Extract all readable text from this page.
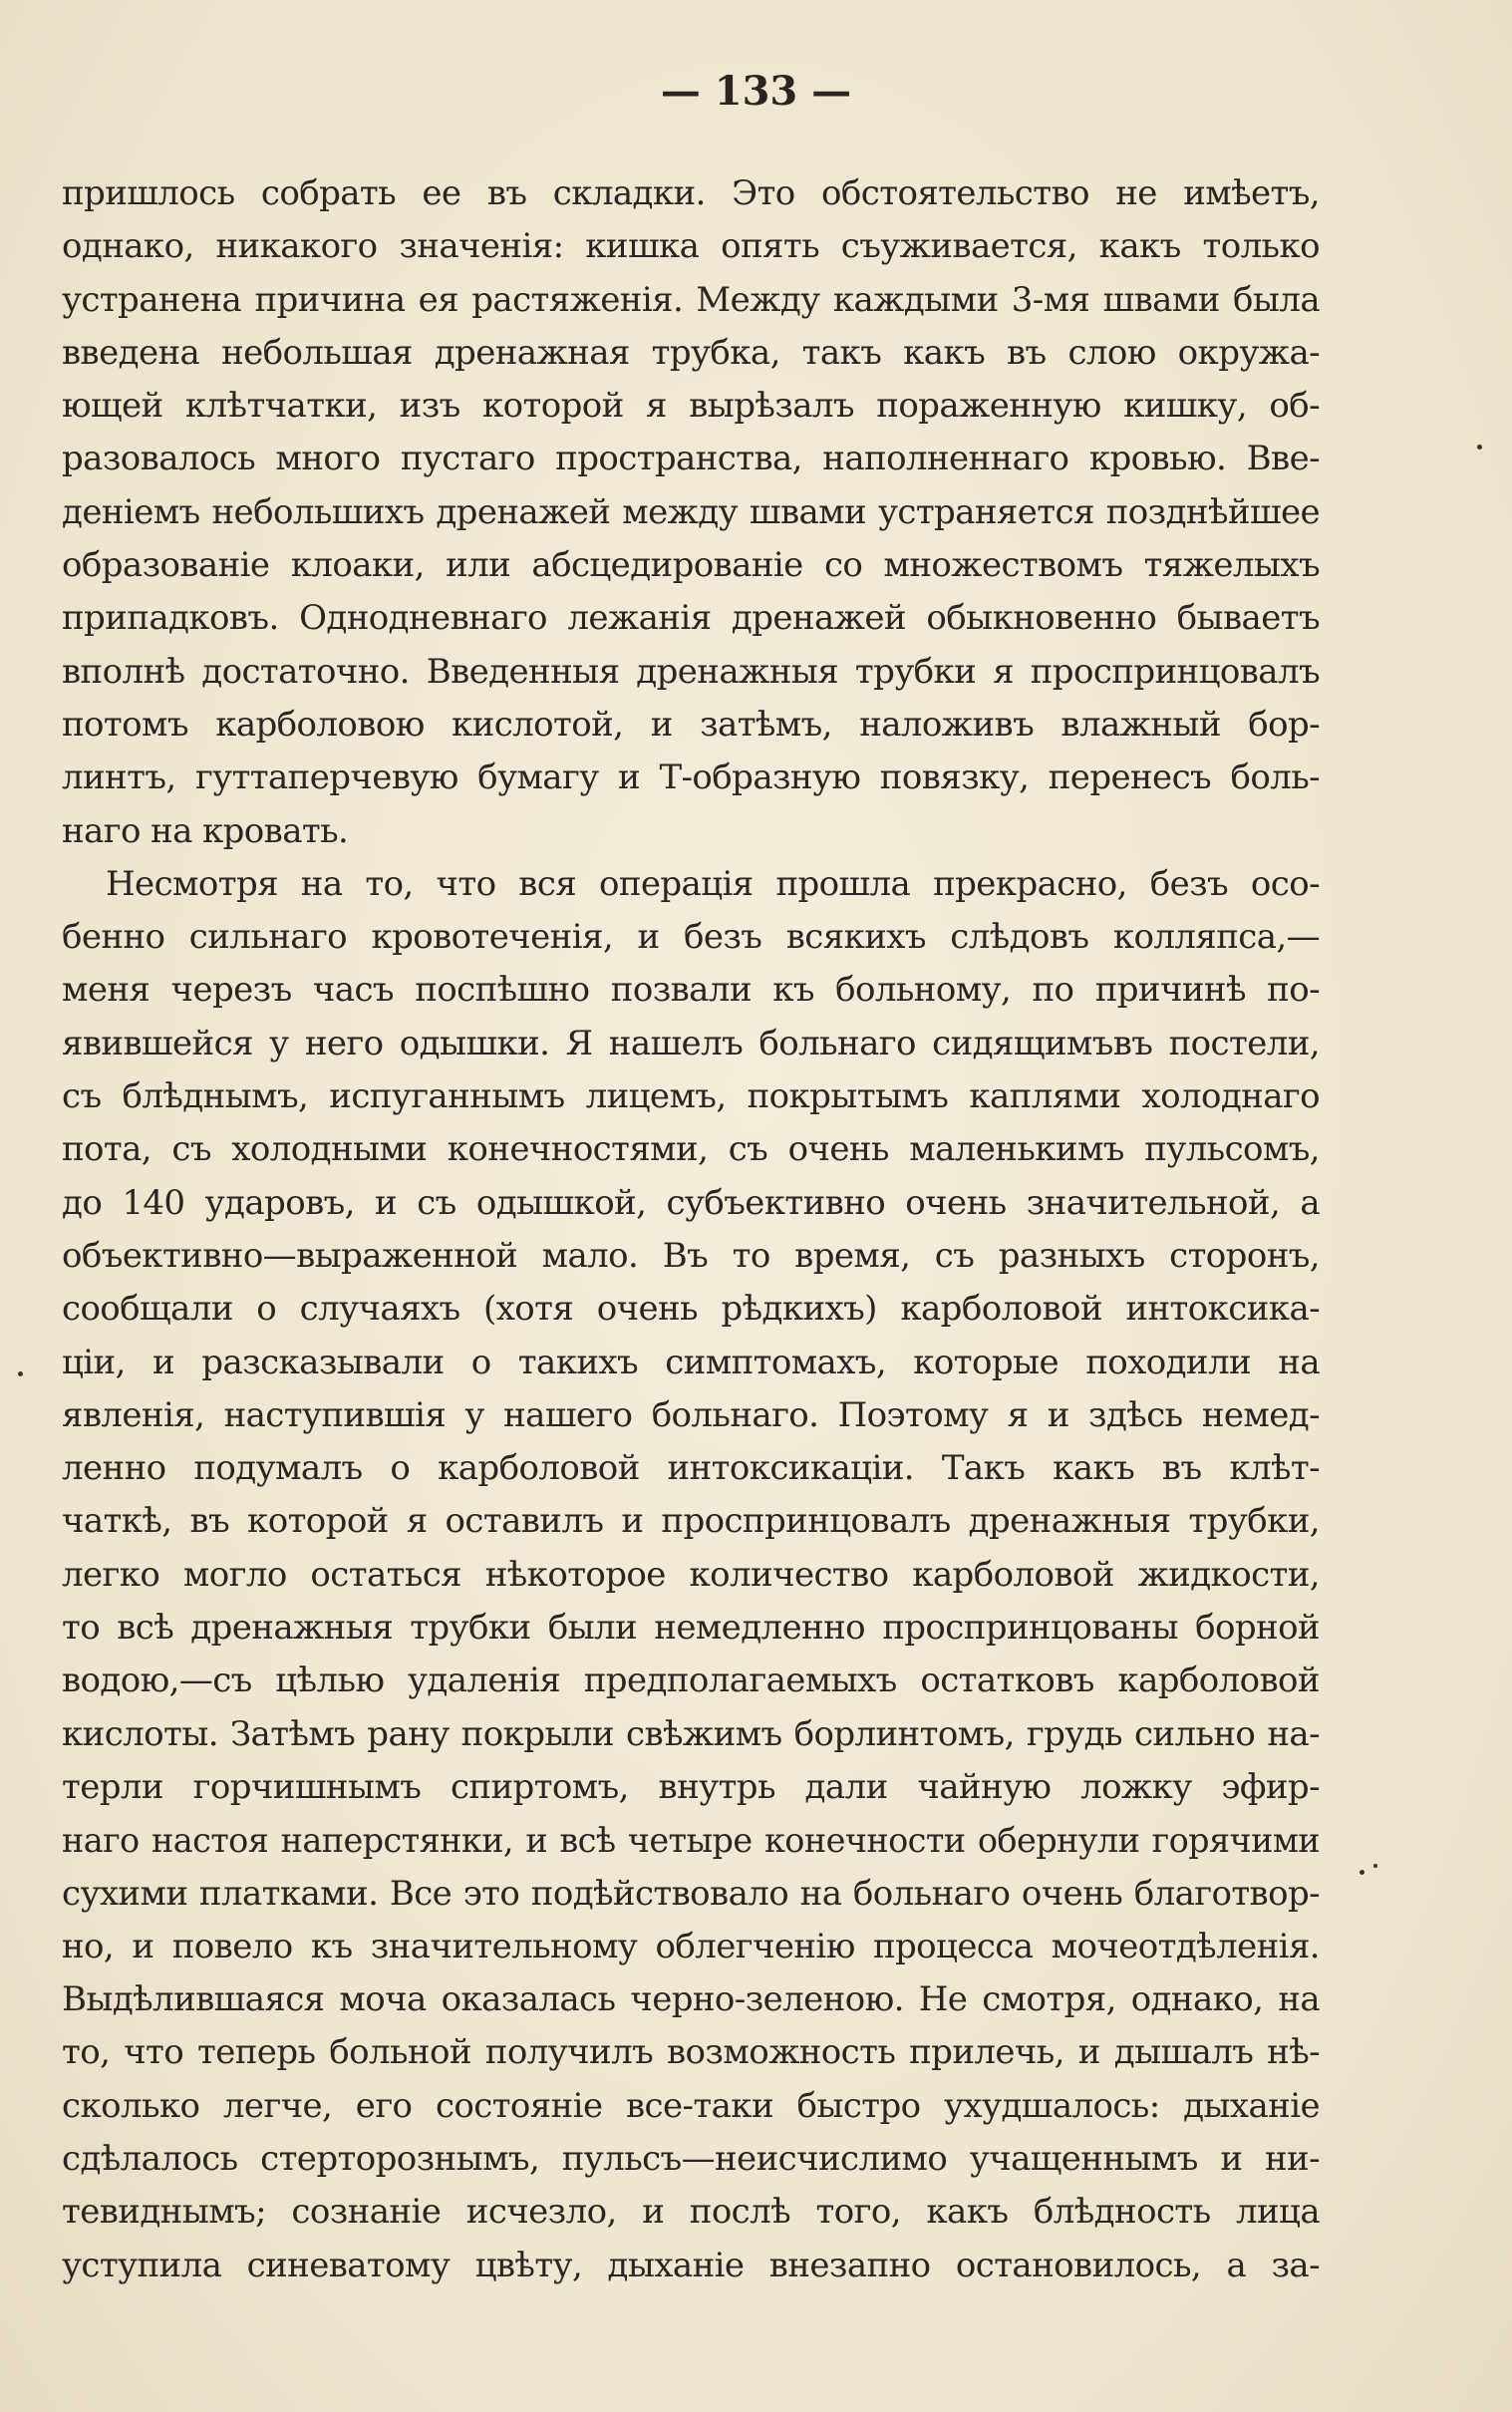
— 133 —
пришлось собрать ее въ складки. Это обстоятельство не имѣетъ,
однако, никакого значенія: кишка опять съуживается, какъ только
устранена причина ея растяженія. Между каждыми 3-мя швами была
введена небольшая дренажная трубка, такъ какъ въ слою окружа-
ющей клѣтчатки, изъ которой я вырѣзалъ пораженную кишку, об-
разовалось много пустаго пространства, наполненнаго кровью. Вве-
деніемъ небольшихъ дренажей между швами устраняется позднѣйшее
образованіе клоаки, или абсцедированіе со множествомъ тяжелыхъ
припадковъ. Однодневнаго лежанія дренажей обыкновенно бываетъ
вполнѣ достаточно. Введенныя дренажныя трубки я проспринцовалъ
потомъ карболовою кислотой, и затѣмъ, наложивъ влажный бор-
линтъ, гуттаперчевую бумагу и Т-образную повязку, перенесъ боль-
наго на кровать.
Несмотря на то, что вся операція прошла прекрасно, безъ осо-
бенно сильнаго кровотеченія, и безъ всякихъ слѣдовъ колляпса,—
меня черезъ часъ поспѣшно позвали къ больному, по причинѣ по-
явившейся у него одышки. Я нашелъ больнаго сидящимъвъ постели,
съ блѣднымъ, испуганнымъ лицемъ, покрытымъ каплями холоднаго
пота, съ холодными конечностями, съ очень маленькимъ пульсомъ,
до 140 ударовъ, и съ одышкой, субъективно очень значительной, а
объективно—выраженной мало. Въ то время, съ разныхъ сторонъ,
сообщали о случаяхъ (хотя очень рѣдкихъ) карболовой интоксика-
ціи, и разсказывали о такихъ симптомахъ, которые походили на
явленія, наступившія у нашего больнаго. Поэтому я и здѣсь немед-
ленно подумалъ о карболовой интоксикаціи. Такъ какъ въ клѣт-
чаткѣ, въ которой я оставилъ и проспринцовалъ дренажныя трубки,
легко могло остаться нѣкоторое количество карболовой жидкости,
то всѣ дренажныя трубки были немедленно проспринцованы борной
водою,—съ цѣлью удаленія предполагаемыхъ остатковъ карболовой
кислоты. Затѣмъ рану покрыли свѣжимъ борлинтомъ, грудь сильно на-
терли горчишнымъ спиртомъ, внутрь дали чайную ложку эфир-
наго настоя наперстянки, и всѣ четыре конечности обернули горячими
сухими платками. Все это подѣйствовало на больнаго очень благотвор-
но, и повело къ значительному облегченію процесса мочеотдѣленія.
Выдѣлившаяся моча оказалась черно-зеленою. Не смотря, однако, на
то, что теперь больной получилъ возможность прилечь, и дышалъ нѣ-
сколько легче, его состояніе все-таки быстро ухудшалось: дыханіе
сдѣлалось стерторознымъ, пульсъ—неисчислимо учащеннымъ и ни-
тевиднымъ; сознаніе исчезло, и послѣ того, какъ блѣдность лица
уступила синеватому цвѣту, дыханіе внезапно остановилось, а за-
